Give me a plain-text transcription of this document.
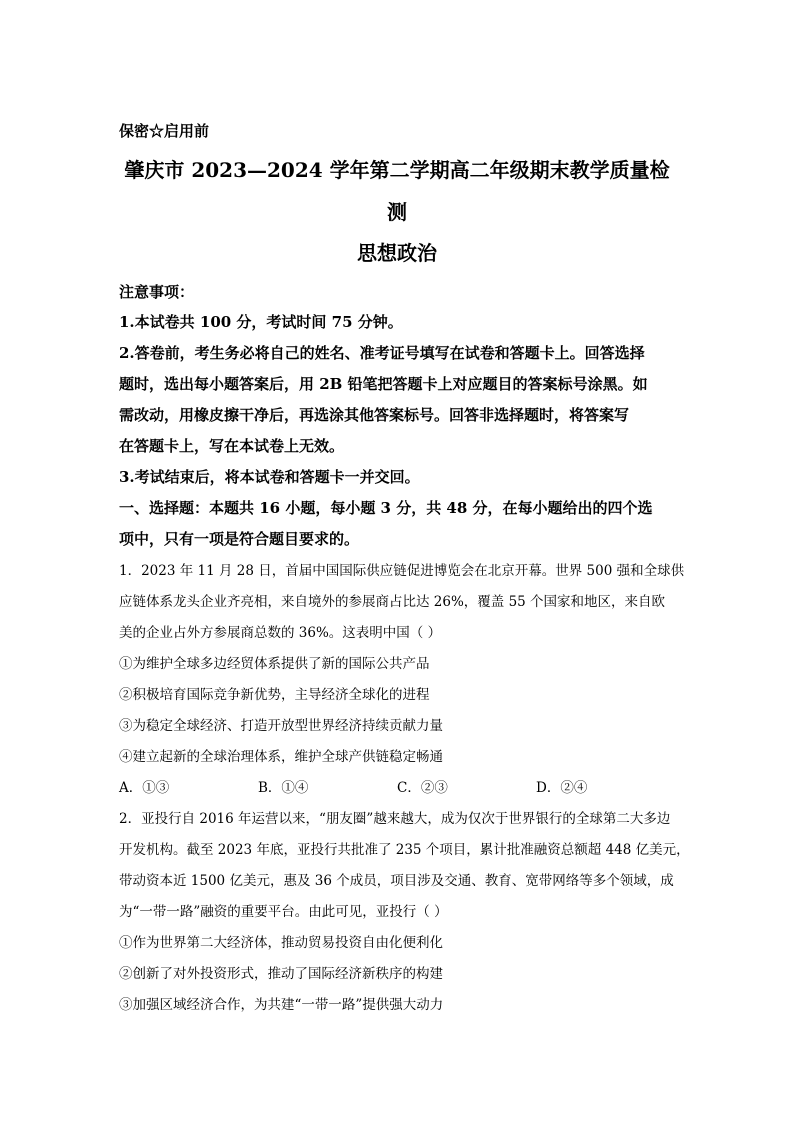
保密☆启用前

肇庆市 2023—2024 学年第二学期高二年级期末教学质量检
测
思想政治

注意事项：

1.本试卷共 100 分，考试时间 75 分钟。

2.答卷前，考生务必将自己的姓名、准考证号填写在试卷和答题卡上。回答选择

题时，选出每小题答案后，用 2B 铅笔把答题卡上对应题目的答案标号涂黑。如

需改动，用橡皮擦干净后，再选涂其他答案标号。回答非选择题时，将答案写

在答题卡上，写在本试卷上无效。

3.考试结束后，将本试卷和答题卡一并交回。

一、选择题：本题共 16 小题，每小题 3 分，共 48 分，在每小题给出的四个选

项中，只有一项是符合题目要求的。

1．2023 年 11 月 28 日，首届中国国际供应链促进博览会在北京开幕。世界 500 强和全球供

应链体系龙头企业齐亮相，来自境外的参展商占比达 26%，覆盖 55 个国家和地区，来自欧

美的企业占外方参展商总数的 36%。这表明中国（ ）

①为维护全球多边经贸体系提供了新的国际公共产品

②积极培育国际竞争新优势，主导经济全球化的进程

③为稳定全球经济、打造开放型世界经济持续贡献力量

④建立起新的全球治理体系，维护全球产供链稳定畅通

A．①③	B．①④	C．②③	D．②④

2．亚投行自 2016 年运营以来，“朋友圈”越来越大，成为仅次于世界银行的全球第二大多边

开发机构。截至 2023 年底，亚投行共批准了 235 个项目，累计批准融资总额超 448 亿美元，

带动资本近 1500 亿美元，惠及 36 个成员，项目涉及交通、教育、宽带网络等多个领域，成

为“一带一路”融资的重要平台。由此可见，亚投行（ ）

①作为世界第二大经济体，推动贸易投资自由化便利化

②创新了对外投资形式，推动了国际经济新秩序的构建

③加强区域经济合作，为共建“一带一路”提供强大动力
